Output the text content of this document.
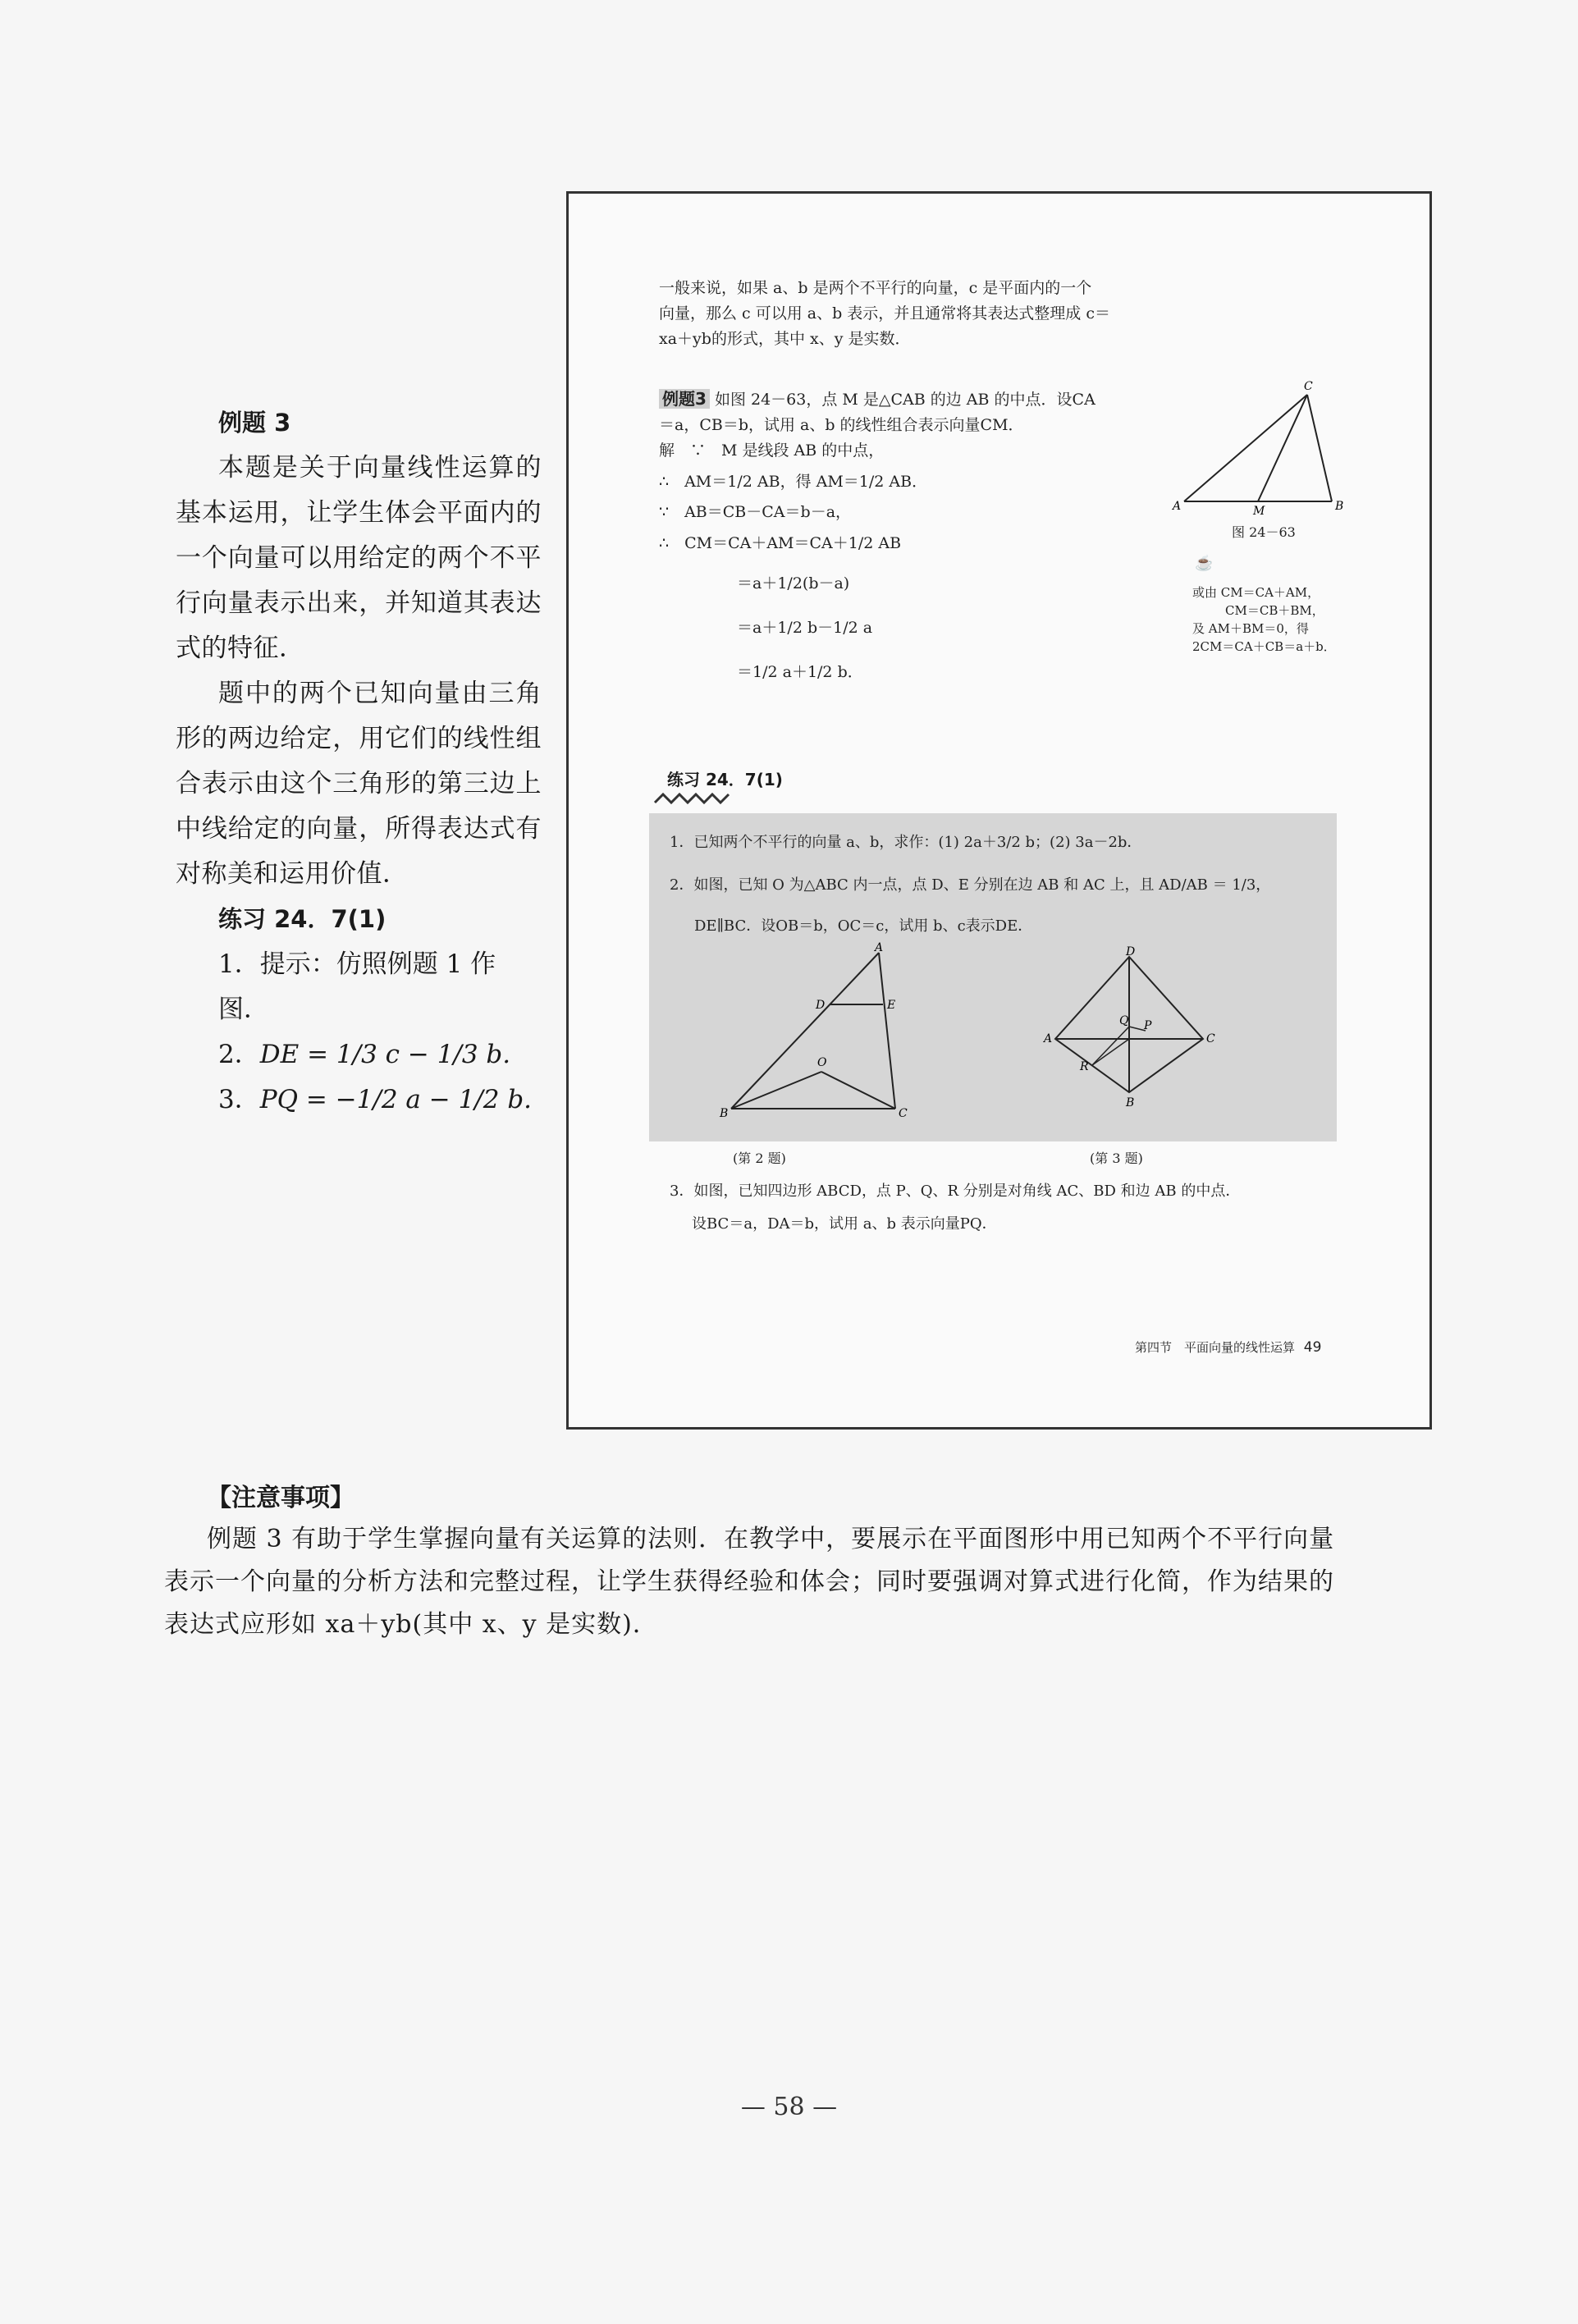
例题 3
本题是关于向量线性运算的基本运用，让学生体会平面内的一个向量可以用给定的两个不平行向量表示出来，并知道其表达式的特征．
题中的两个已知向量由三角形的两边给定，用它们的线性组合表示由这个三角形的第三边上中线给定的向量，所得表达式有对称美和运用价值．
练习 24．7(1)
1．提示：仿照例题 1 作图．
2．DE = 1/3 c − 1/3 b.
3．PQ = −1/2 a − 1/2 b.
一般来说，如果 a、b 是两个不平行的向量，c 是平面内的一个
向量，那么 c 可以用 a、b 表示，并且通常将其表达式整理成 c＝
xa＋yb的形式，其中 x、y 是实数．
例题3 如图 24－63，点 M 是△CAB 的边 AB 的中点．设CA
＝a，CB＝b，试用 a、b 的线性组合表示向量CM．
解　∵　M 是线段 AB 的中点，
∴　AM＝1/2 AB，得 AM＝1/2 AB．
∵　AB＝CB－CA＝b－a，
∴　CM＝CA＋AM＝CA＋1/2 AB
＝a＋1/2(b－a)
＝a＋1/2 b－1/2 a
＝1/2 a＋1/2 b．
A	B
C
M
图 24－63
☕
或由 CM＝CA＋AM，
CM＝CB＋BM，
及 AM＋BM＝0，得
2CM＝CA＋CB＝a＋b．
练习 24．7(1)
1．已知两个不平行的向量 a、b，求作：(1) 2a＋3/2 b；(2) 3a－2b．
2．如图，已知 O 为△ABC 内一点，点 D、E 分别在边 AB 和 AC 上，且 AD/AB ＝ 1/3，
DE∥BC．设OB＝b，OC＝c，试用 b、c表示DE．
A
D	E
O
B	C
D
A	C
Q P
R
B
(第 2 题)	(第 3 题)
3．如图，已知四边形 ABCD，点 P、Q、R 分别是对角线 AC、BD 和边 AB 的中点．
设BC＝a，DA＝b，试用 a、b 表示向量PQ．
第四节　平面向量的线性运算 49
【注意事项】
例题 3 有助于学生掌握向量有关运算的法则．在教学中，要展示在平面图形中用已知两个不平行向量
表示一个向量的分析方法和完整过程，让学生获得经验和体会；同时要强调对算式进行化简，作为结果的
表达式应形如 xa＋yb(其中 x、y 是实数)．
— 58 —
